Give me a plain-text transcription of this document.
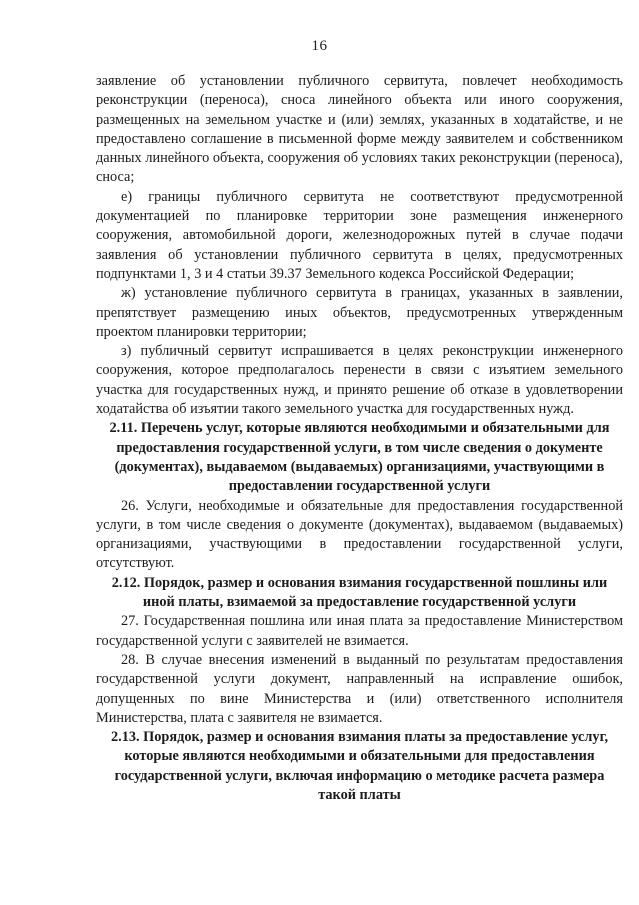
16

заявление об установлении публичного сервитута, повлечет необходимость реконструкции (переноса), сноса линейного объекта или иного сооружения, размещенных на земельном участке и (или) землях, указанных в ходатайстве, и не предоставлено соглашение в письменной форме между заявителем и собственником данных линейного объекта, сооружения об условиях таких реконструкции (переноса), сноса;

е) границы публичного сервитута не соответствуют предусмотренной документацией по планировке территории зоне размещения инженерного сооружения, автомобильной дороги, железнодорожных путей в случае подачи заявления об установлении публичного сервитута в целях, предусмотренных подпунктами 1, 3 и 4 статьи 39.37 Земельного кодекса Российской Федерации;

ж) установление публичного сервитута в границах, указанных в заявлении, препятствует размещению иных объектов, предусмотренных утвержденным проектом планировки территории;

з) публичный сервитут испрашивается в целях реконструкции инженерного сооружения, которое предполагалось перенести в связи с изъятием земельного участка для государственных нужд, и принято решение об отказе в удовлетворении ходатайства об изъятии такого земельного участка для государственных нужд.

2.11. Перечень услуг, которые являются необходимыми и обязательными для предоставления государственной услуги, в том числе сведения о документе (документах), выдаваемом (выдаваемых) организациями, участвующими в предоставлении государственной услуги

26. Услуги, необходимые и обязательные для предоставления государственной услуги, в том числе сведения о документе (документах), выдаваемом (выдаваемых) организациями, участвующими в предоставлении государственной услуги, отсутствуют.

2.12. Порядок, размер и основания взимания государственной пошлины или иной платы, взимаемой за предоставление государственной услуги

27. Государственная пошлина или иная плата за предоставление Министерством государственной услуги с заявителей не взимается.

28. В случае внесения изменений в выданный по результатам предоставления государственной услуги документ, направленный на исправление ошибок, допущенных по вине Министерства и (или) ответственного исполнителя Министерства, плата с заявителя не взимается.

2.13. Порядок, размер и основания взимания платы за предоставление услуг, которые являются необходимыми и обязательными для предоставления государственной услуги, включая информацию о методике расчета размера такой платы
